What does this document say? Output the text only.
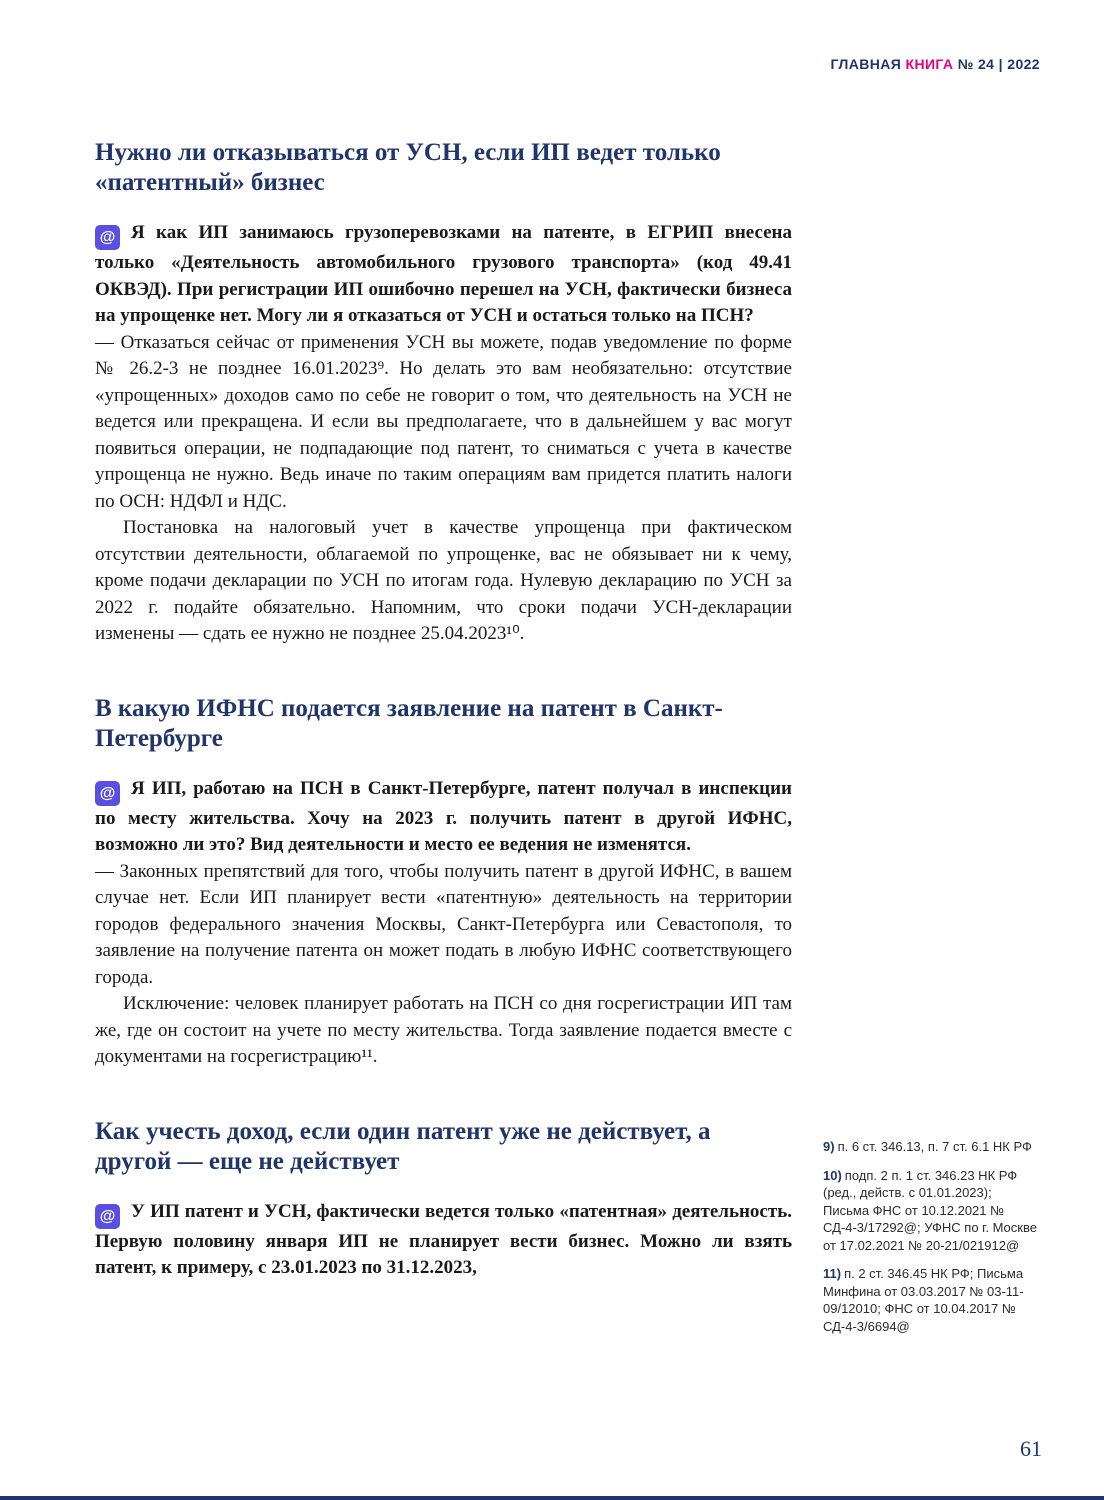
ГЛАВНАЯ КНИГА № 24 | 2022
Нужно ли отказываться от УСН, если ИП ведет только «патентный» бизнес

@ Я как ИП занимаюсь грузоперевозками на патенте, в ЕГРИП внесена только «Деятельность автомобильного грузового транспорта» (код 49.41 ОКВЭД). При регистрации ИП ошибочно перешел на УСН, фактически бизнеса на упрощенке нет. Могу ли я отказаться от УСН и остаться только на ПСН?

— Отказаться сейчас от применения УСН вы можете, подав уведомление по форме № 26.2-3 не позднее 16.01.2023⁹. Но делать это вам необязательно: отсутствие «упрощенных» доходов само по себе не говорит о том, что деятельность на УСН не ведется или прекращена. И если вы предполагаете, что в дальнейшем у вас могут появиться операции, не подпадающие под патент, то сниматься с учета в качестве упрощенца не нужно. Ведь иначе по таким операциям вам придется платить налоги по ОСН: НДФЛ и НДС.

Постановка на налоговый учет в качестве упрощенца при фактическом отсутствии деятельности, облагаемой по упрощенке, вас не обязывает ни к чему, кроме подачи декларации по УСН по итогам года. Нулевую декларацию по УСН за 2022 г. подайте обязательно. Напомним, что сроки подачи УСН-декларации изменены — сдать ее нужно не позднее 25.04.2023¹⁰.

В какую ИФНС подается заявление на патент в Санкт-Петербурге

@ Я ИП, работаю на ПСН в Санкт-Петербурге, патент получал в инспекции по месту жительства. Хочу на 2023 г. получить патент в другой ИФНС, возможно ли это? Вид деятельности и место ее ведения не изменятся.

— Законных препятствий для того, чтобы получить патент в другой ИФНС, в вашем случае нет. Если ИП планирует вести «патентную» деятельность на территории городов федерального значения Москвы, Санкт-Петербурга или Севастополя, то заявление на получение патента он может подать в любую ИФНС соответствующего города.

Исключение: человек планирует работать на ПСН со дня госрегистрации ИП там же, где он состоит на учете по месту жительства. Тогда заявление подается вместе с документами на госрегистрацию¹¹.

Как учесть доход, если один патент уже не действует, а другой — еще не действует

@ У ИП патент и УСН, фактически ведется только «патентная» деятельность. Первую половину января ИП не планирует вести бизнес. Можно ли взять патент, к примеру, с 23.01.2023 по 31.12.2023,

9) п. 6 ст. 346.13, п. 7 ст. 6.1 НК РФ

10) подп. 2 п. 1 ст. 346.23 НК РФ (ред., действ. с 01.01.2023); Письма ФНС от 10.12.2021 № СД-4-3/17292@; УФНС по г. Москве от 17.02.2021 № 20-21/021912@

11) п. 2 ст. 346.45 НК РФ; Письма Минфина от 03.03.2017 № 03-11-09/12010; ФНС от 10.04.2017 № СД-4-3/6694@

61
